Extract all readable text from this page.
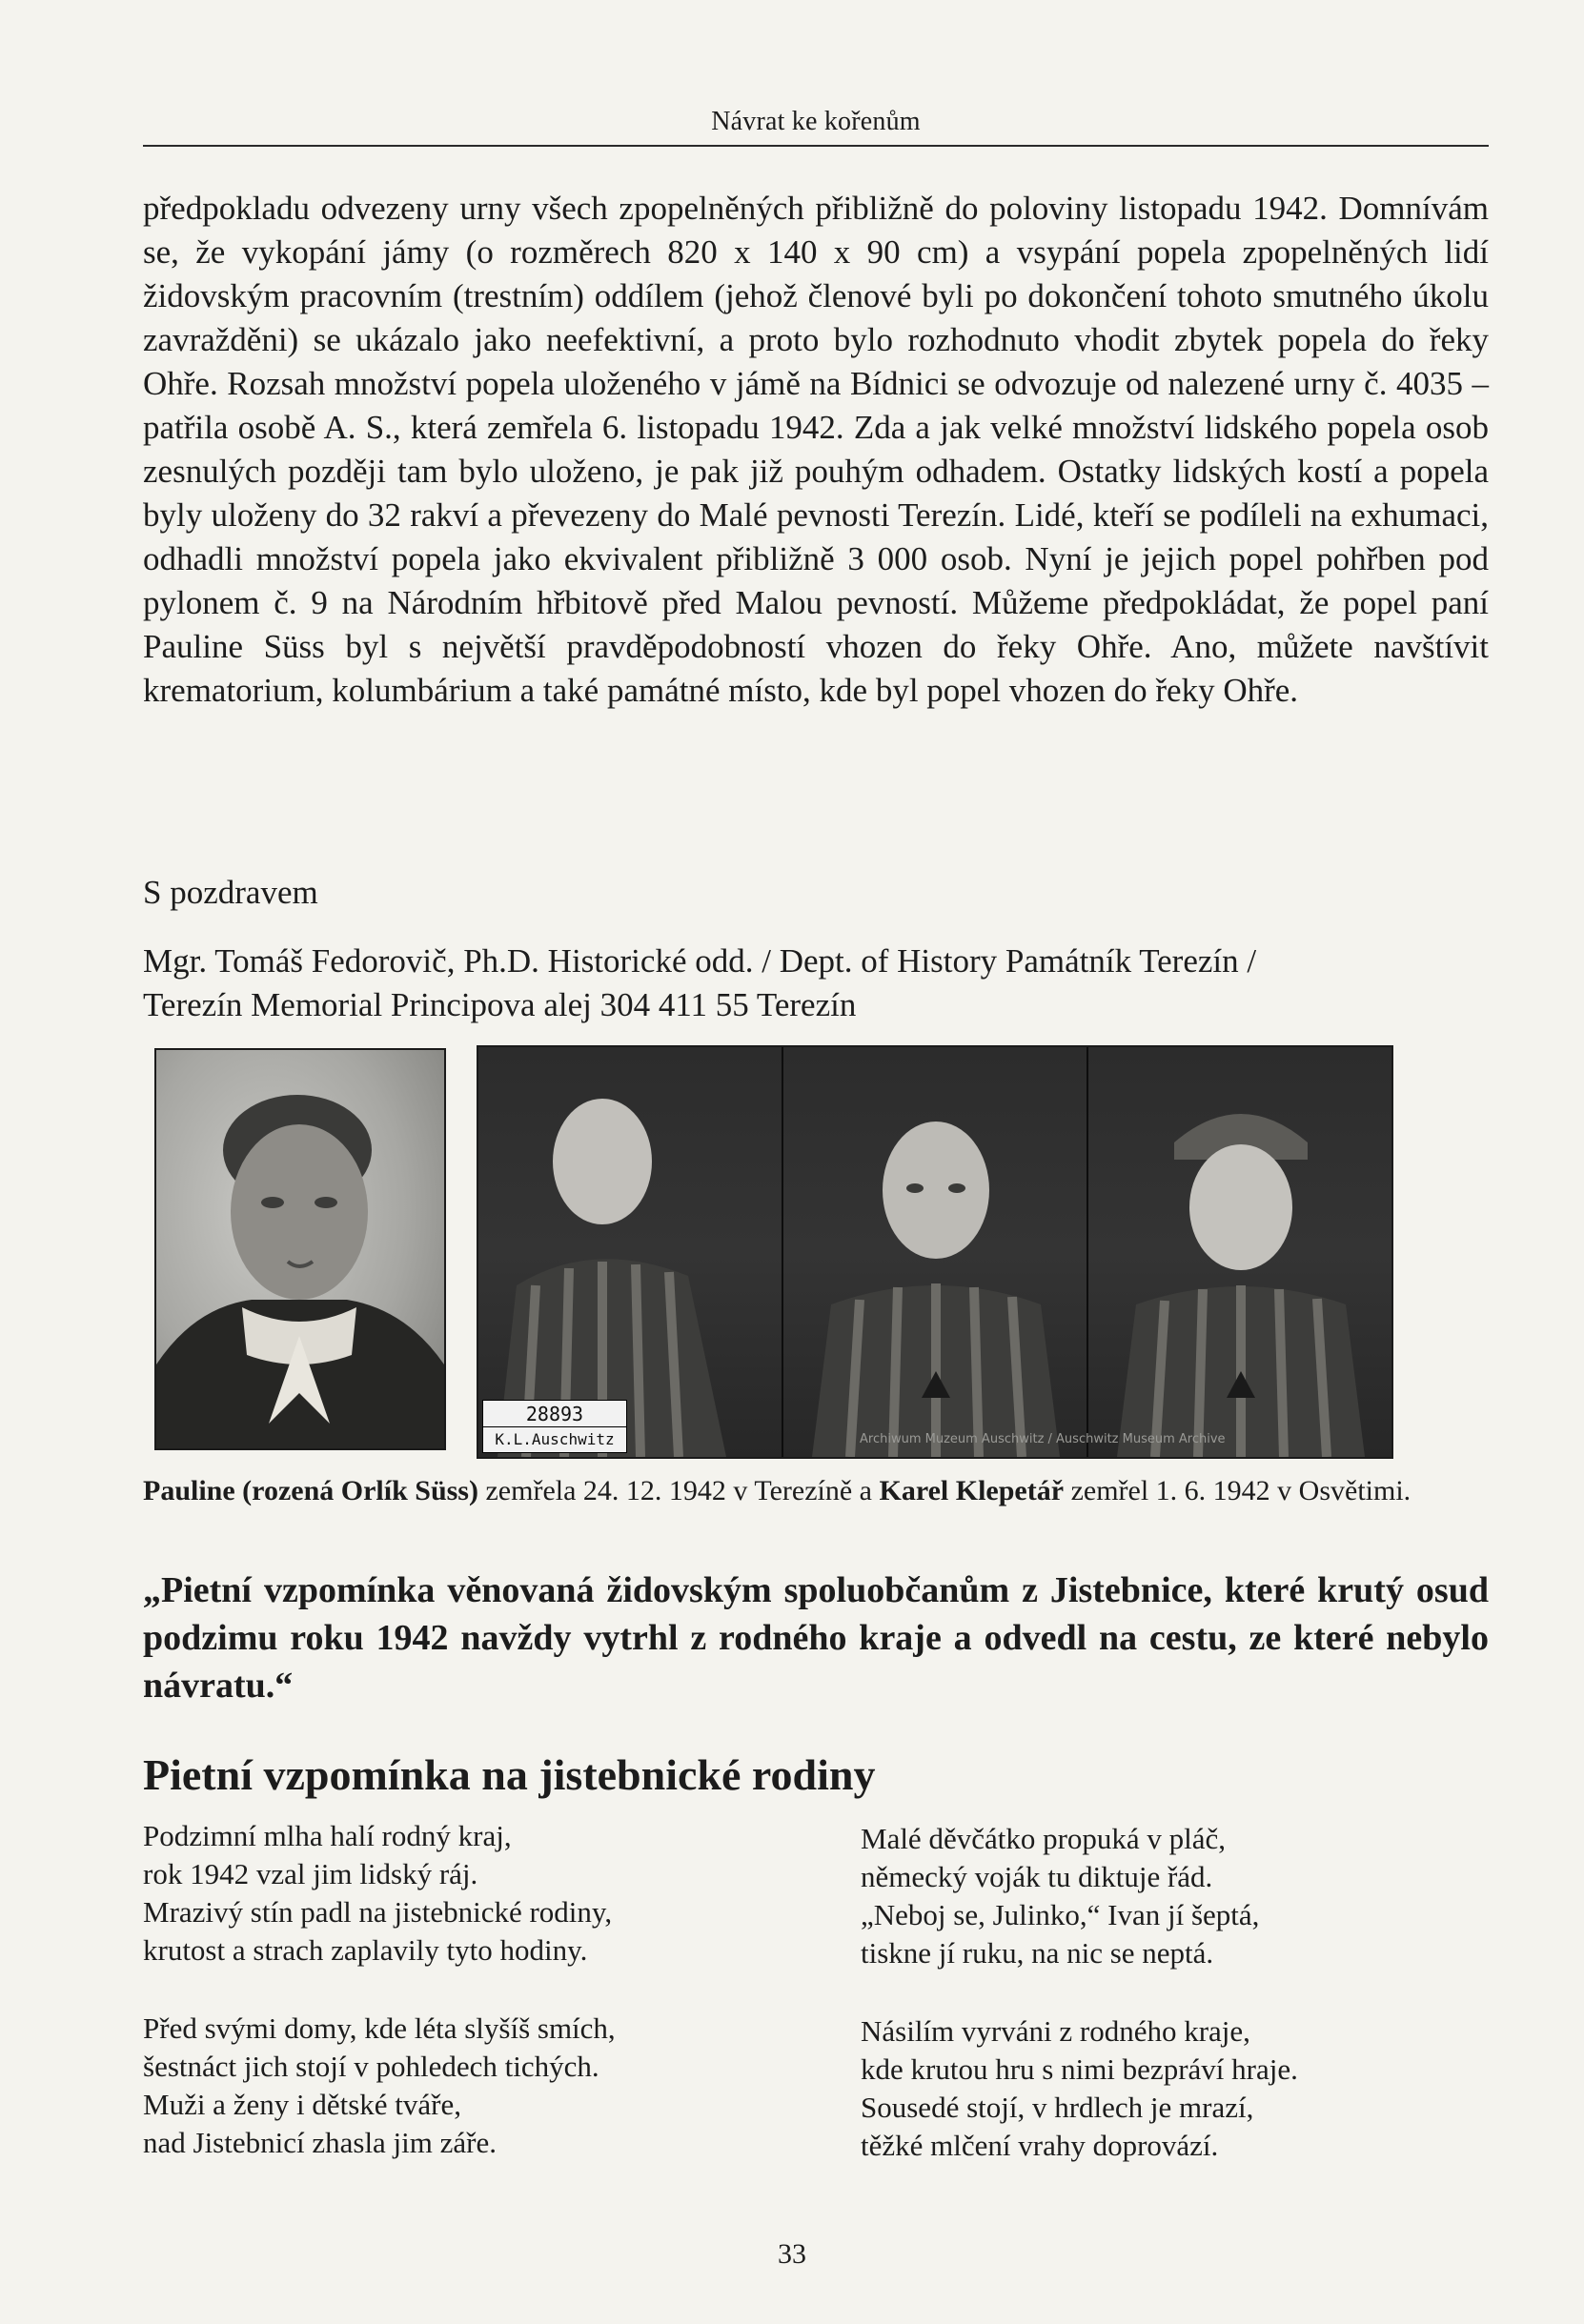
Návrat ke kořenům

předpokladu odvezeny urny všech zpopelněných přibližně do poloviny listopadu 1942. Domnívám se, že vykopání jámy (o rozměrech 820 x 140 x 90 cm) a vsypání popela zpopelněných lidí židovským pracovním (trestním) oddílem (jehož členové byli po dokončení tohoto smutného úkolu zavražděni) se ukázalo jako neefektivní, a proto bylo rozhodnuto vhodit zbytek popela do řeky Ohře. Rozsah množství popela uloženého v jámě na Bídnici se odvozuje od nalezené urny č. 4035 – patřila osobě A. S., která zemřela 6. listopadu 1942. Zda a jak velké množství lidského popela osob zesnulých později tam bylo uloženo, je pak již pouhým odhadem. Ostatky lidských kostí a popela byly uloženy do 32 rakví a převezeny do Malé pevnosti Terezín. Lidé, kteří se podíleli na exhumaci, odhadli množství popela jako ekvivalent přibližně 3 000 osob. Nyní je jejich popel pohřben pod pylonem č. 9 na Národním hřbitově před Malou pevností. Můžeme předpokládat, že popel paní Pauline Süss byl s největší pravděpodobností vhozen do řeky Ohře. Ano, můžete navštívit krematorium, kolumbárium a také památné místo, kde byl popel vhozen do řeky Ohře.

S pozdravem
Mgr. Tomáš Fedorovič, Ph.D. Historické odd. / Dept. of History Památník Terezín /
Terezín Memorial Principova alej 304 411 55 Terezín
28893
K.L.Auschwitz	Archiwum Muzeum Auschwitz / Auschwitz Museum Archive
Pauline (rozená Orlík Süss) zemřela 24. 12. 1942 v Terezíně a Karel Klepetář zemřel 1. 6. 1942 v Osvětimi.

„Pietní vzpomínka věnovaná židovským spoluobčanům z Jistebnice, které krutý osud podzimu roku 1942 navždy vytrhl z rodného kraje a odvedl na cestu, ze které nebylo návratu.“

Pietní vzpomínka na jistebnické rodiny
Podzimní mlha halí rodný kraj,
rok 1942 vzal jim lidský ráj.
Mrazivý stín padl na jistebnické rodiny,
krutost a strach zaplavily tyto hodiny.
Před svými domy, kde léta slyšíš smích,
šestnáct jich stojí v pohledech tichých.
Muži a ženy i dětské tváře,
nad Jistebnicí zhasla jim záře.
Malé děvčátko propuká v pláč,
německý voják tu diktuje řád.
„Neboj se, Julinko,“ Ivan jí šeptá,
tiskne jí ruku, na nic se neptá.
Násilím vyrváni z rodného kraje,
kde krutou hru s nimi bezpráví hraje.
Sousedé stojí, v hrdlech je mrazí,
těžké mlčení vrahy doprovází.
33
